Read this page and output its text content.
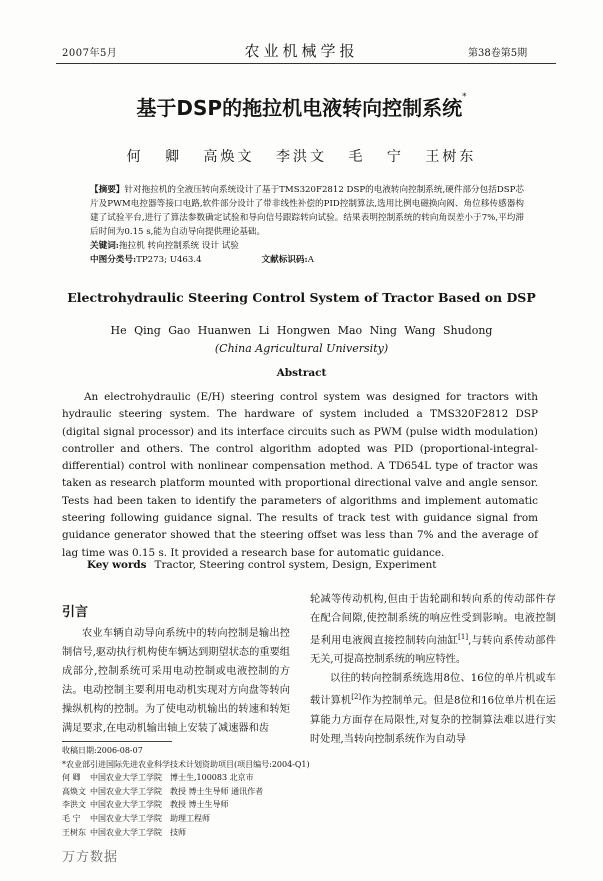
2007年5月	农业机械学报	第38卷第5期
基于DSP的拖拉机电液转向控制系统*
何 卿 高焕文 李洪文 毛 宁 王树东

【摘要】针对拖拉机的全液压转向系统设计了基于TMS320F2812 DSP的电液转向控制系统,硬件部分包括DSP芯片及PWM电控器等接口电路,软件部分设计了带非线性补偿的PID控制算法,选用比例电磁换向阀、角位移传感器构建了试验平台,进行了算法参数确定试验和导向信号跟踪转向试验。结果表明控制系统的转向角误差小于7%,平均滞后时间为0.15 s,能为自动导向提供理论基础。

关键词:拖拉机 转向控制系统 设计 试验

中图分类号:TP273; U463.4	文献标识码:A

Electrohydraulic Steering Control System of Tractor Based on DSP
He Qing Gao Huanwen Li Hongwen Mao Ning Wang Shudong
(China Agricultural University)
Abstract

An electrohydraulic (E/H) steering control system was designed for tractors with hydraulic steering system. The hardware of system included a TMS320F2812 DSP (digital signal processor) and its interface circuits such as PWM (pulse width modulation) controller and others. The control algorithm adopted was PID (proportional-integral-differential) control with nonlinear compensation method. A TD654L type of tractor was taken as research platform mounted with proportional directional valve and angle sensor. Tests had been taken to identify the parameters of algorithms and implement automatic steering following guidance signal. The results of track test with guidance signal from guidance generator showed that the steering offset was less than 7% and the average of lag time was 0.15 s. It provided a research base for automatic guidance.

Key words Tractor, Steering control system, Design, Experiment
引言

农业车辆自动导向系统中的转向控制是输出控制信号,驱动执行机构使车辆达到期望状态的重要组成部分,控制系统可采用电动控制或电液控制的方法。电动控制主要利用电动机实现对方向盘等转向操纵机构的控制。为了使电动机输出的转速和转矩满足要求,在电动机输出轴上安装了减速器和齿

轮减等传动机构,但由于齿轮副和转向系的传动部件存在配合间隙,使控制系统的响应性受到影响。电液控制是利用电液阀直接控制转向油缸[1],与转向系传动部件无关,可提高控制系统的响应特性。

以往的转向控制系统选用8位、16位的单片机或车载计算机[2]作为控制单元。但是8位和16位单片机在运算能力方面存在局限性,对复杂的控制算法难以进行实时处理,当转向控制系统作为自动导

收稿日期:2006-08-07
*农业部引进国际先进农业科学技术计划资助项目(项目编号:2004-Q1)
何 卿 中国农业大学工学院 博士生,100083 北京市
高焕文 中国农业大学工学院 教授 博士生导师 通讯作者
李洪文 中国农业大学工学院 教授 博士生导师
毛 宁 中国农业大学工学院 助理工程师
王树东 中国农业大学工学院 技师
万方数据
